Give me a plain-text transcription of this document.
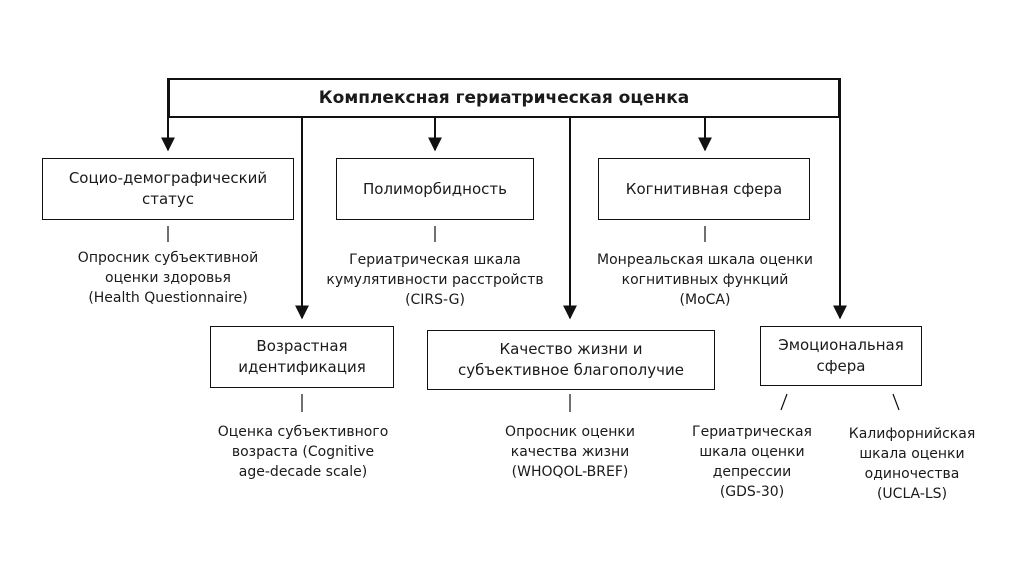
Комплексная гериатрическая оценка
Социо-демографический
статус
Полиморбидность	Когнитивная сфера
Опросник субъективной
оценки здоровья
(Health Questionnaire)
Гериатрическая шкала
кумулятивности расстройств
(CIRS-G)
Монреальская шкала оценки
когнитивных функций
(MoCA)
Возрастная
идентификация
Качество жизни и
субъективное благополучие
Эмоциональная
сфера
Оценка субъективного
возраста (Cognitive
age-decade scale)
Опросник оценки
качества жизни
(WHOQOL-BREF)
Гериатрическая
шкала оценки
депрессии
(GDS-30)
Калифорнийская
шкала оценки
одиночества
(UCLA-LS)
